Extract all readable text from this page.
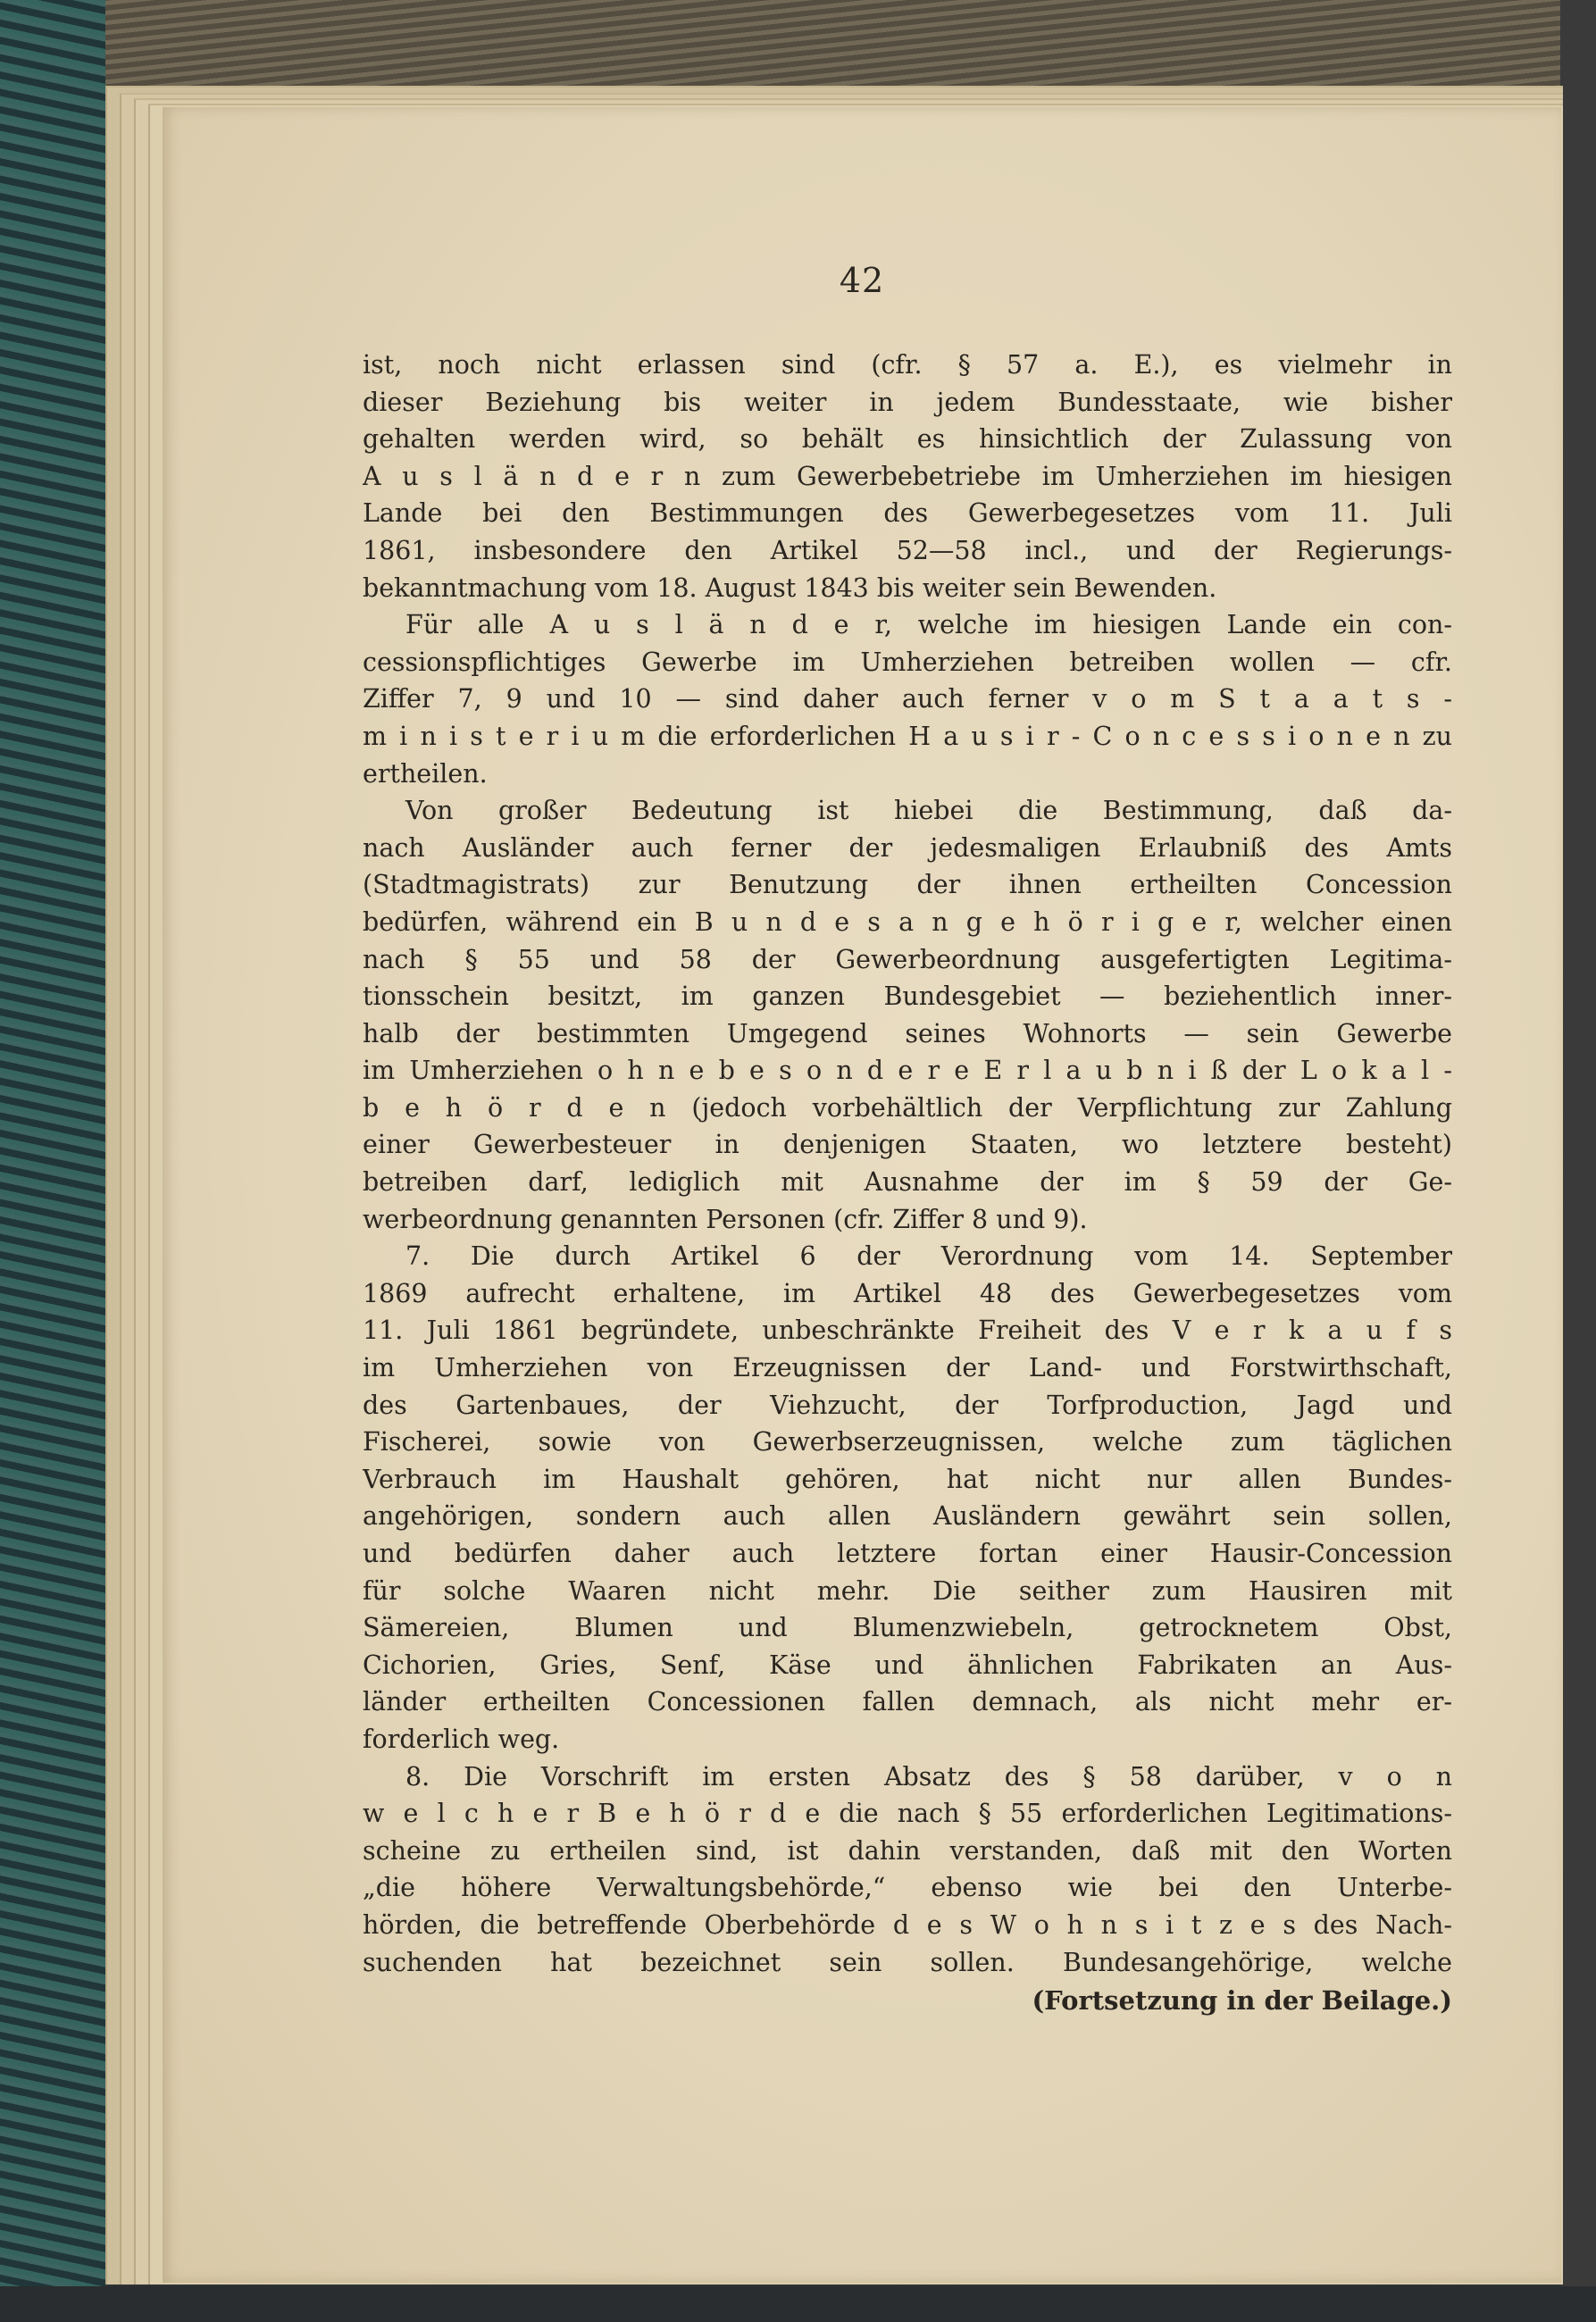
42
ist, noch nicht erlassen sind (cfr. § 57 a. E.), es vielmehr in
dieser Beziehung bis weiter in jedem Bundesstaate, wie bisher
gehalten werden wird, so behält es hinsichtlich der Zulassung von
A u s l ä n d e r n zum Gewerbebetriebe im Umherziehen im hiesigen
Lande bei den Bestimmungen des Gewerbegesetzes vom 11. Juli
1861, insbesondere den Artikel 52—58 incl., und der Regierungs-
bekanntmachung vom 18. August 1843 bis weiter sein Bewenden.
Für alle A u s l ä n d e r, welche im hiesigen Lande ein con-
cessionspflichtiges Gewerbe im Umherziehen betreiben wollen — cfr.
Ziffer 7, 9 und 10 — sind daher auch ferner v o m S t a a t s -
m i n i s t e r i u m die erforderlichen H a u s i r - C o n c e s s i o n e n zu
ertheilen.
Von großer Bedeutung ist hiebei die Bestimmung, daß da-
nach Ausländer auch ferner der jedesmaligen Erlaubniß des Amts
(Stadtmagistrats) zur Benutzung der ihnen ertheilten Concession
bedürfen, während ein B u n d e s a n g e h ö r i g e r, welcher einen
nach § 55 und 58 der Gewerbeordnung ausgefertigten Legitima-
tionsschein besitzt, im ganzen Bundesgebiet — beziehentlich inner-
halb der bestimmten Umgegend seines Wohnorts — sein Gewerbe
im Umherziehen o h n e b e s o n d e r e E r l a u b n i ß der L o k a l -
b e h ö r d e n (jedoch vorbehältlich der Verpflichtung zur Zahlung
einer Gewerbesteuer in denjenigen Staaten, wo letztere besteht)
betreiben darf, lediglich mit Ausnahme der im § 59 der Ge-
werbeordnung genannten Personen (cfr. Ziffer 8 und 9).
7. Die durch Artikel 6 der Verordnung vom 14. September
1869 aufrecht erhaltene, im Artikel 48 des Gewerbegesetzes vom
11. Juli 1861 begründete, unbeschränkte Freiheit des V e r k a u f s
im Umherziehen von Erzeugnissen der Land- und Forstwirthschaft,
des Gartenbaues, der Viehzucht, der Torfproduction, Jagd und
Fischerei, sowie von Gewerbserzeugnissen, welche zum täglichen
Verbrauch im Haushalt gehören, hat nicht nur allen Bundes-
angehörigen, sondern auch allen Ausländern gewährt sein sollen,
und bedürfen daher auch letztere fortan einer Hausir-Concession
für solche Waaren nicht mehr. Die seither zum Hausiren mit
Sämereien, Blumen und Blumenzwiebeln, getrocknetem Obst,
Cichorien, Gries, Senf, Käse und ähnlichen Fabrikaten an Aus-
länder ertheilten Concessionen fallen demnach, als nicht mehr er-
forderlich weg.
8. Die Vorschrift im ersten Absatz des § 58 darüber, v o n
w e l c h e r B e h ö r d e die nach § 55 erforderlichen Legitimations-
scheine zu ertheilen sind, ist dahin verstanden, daß mit den Worten
„die höhere Verwaltungsbehörde,“ ebenso wie bei den Unterbe-
hörden, die betreffende Oberbehörde d e s W o h n s i t z e s des Nach-
suchenden hat bezeichnet sein sollen. Bundesangehörige, welche
(Fortsetzung in der Beilage.)
